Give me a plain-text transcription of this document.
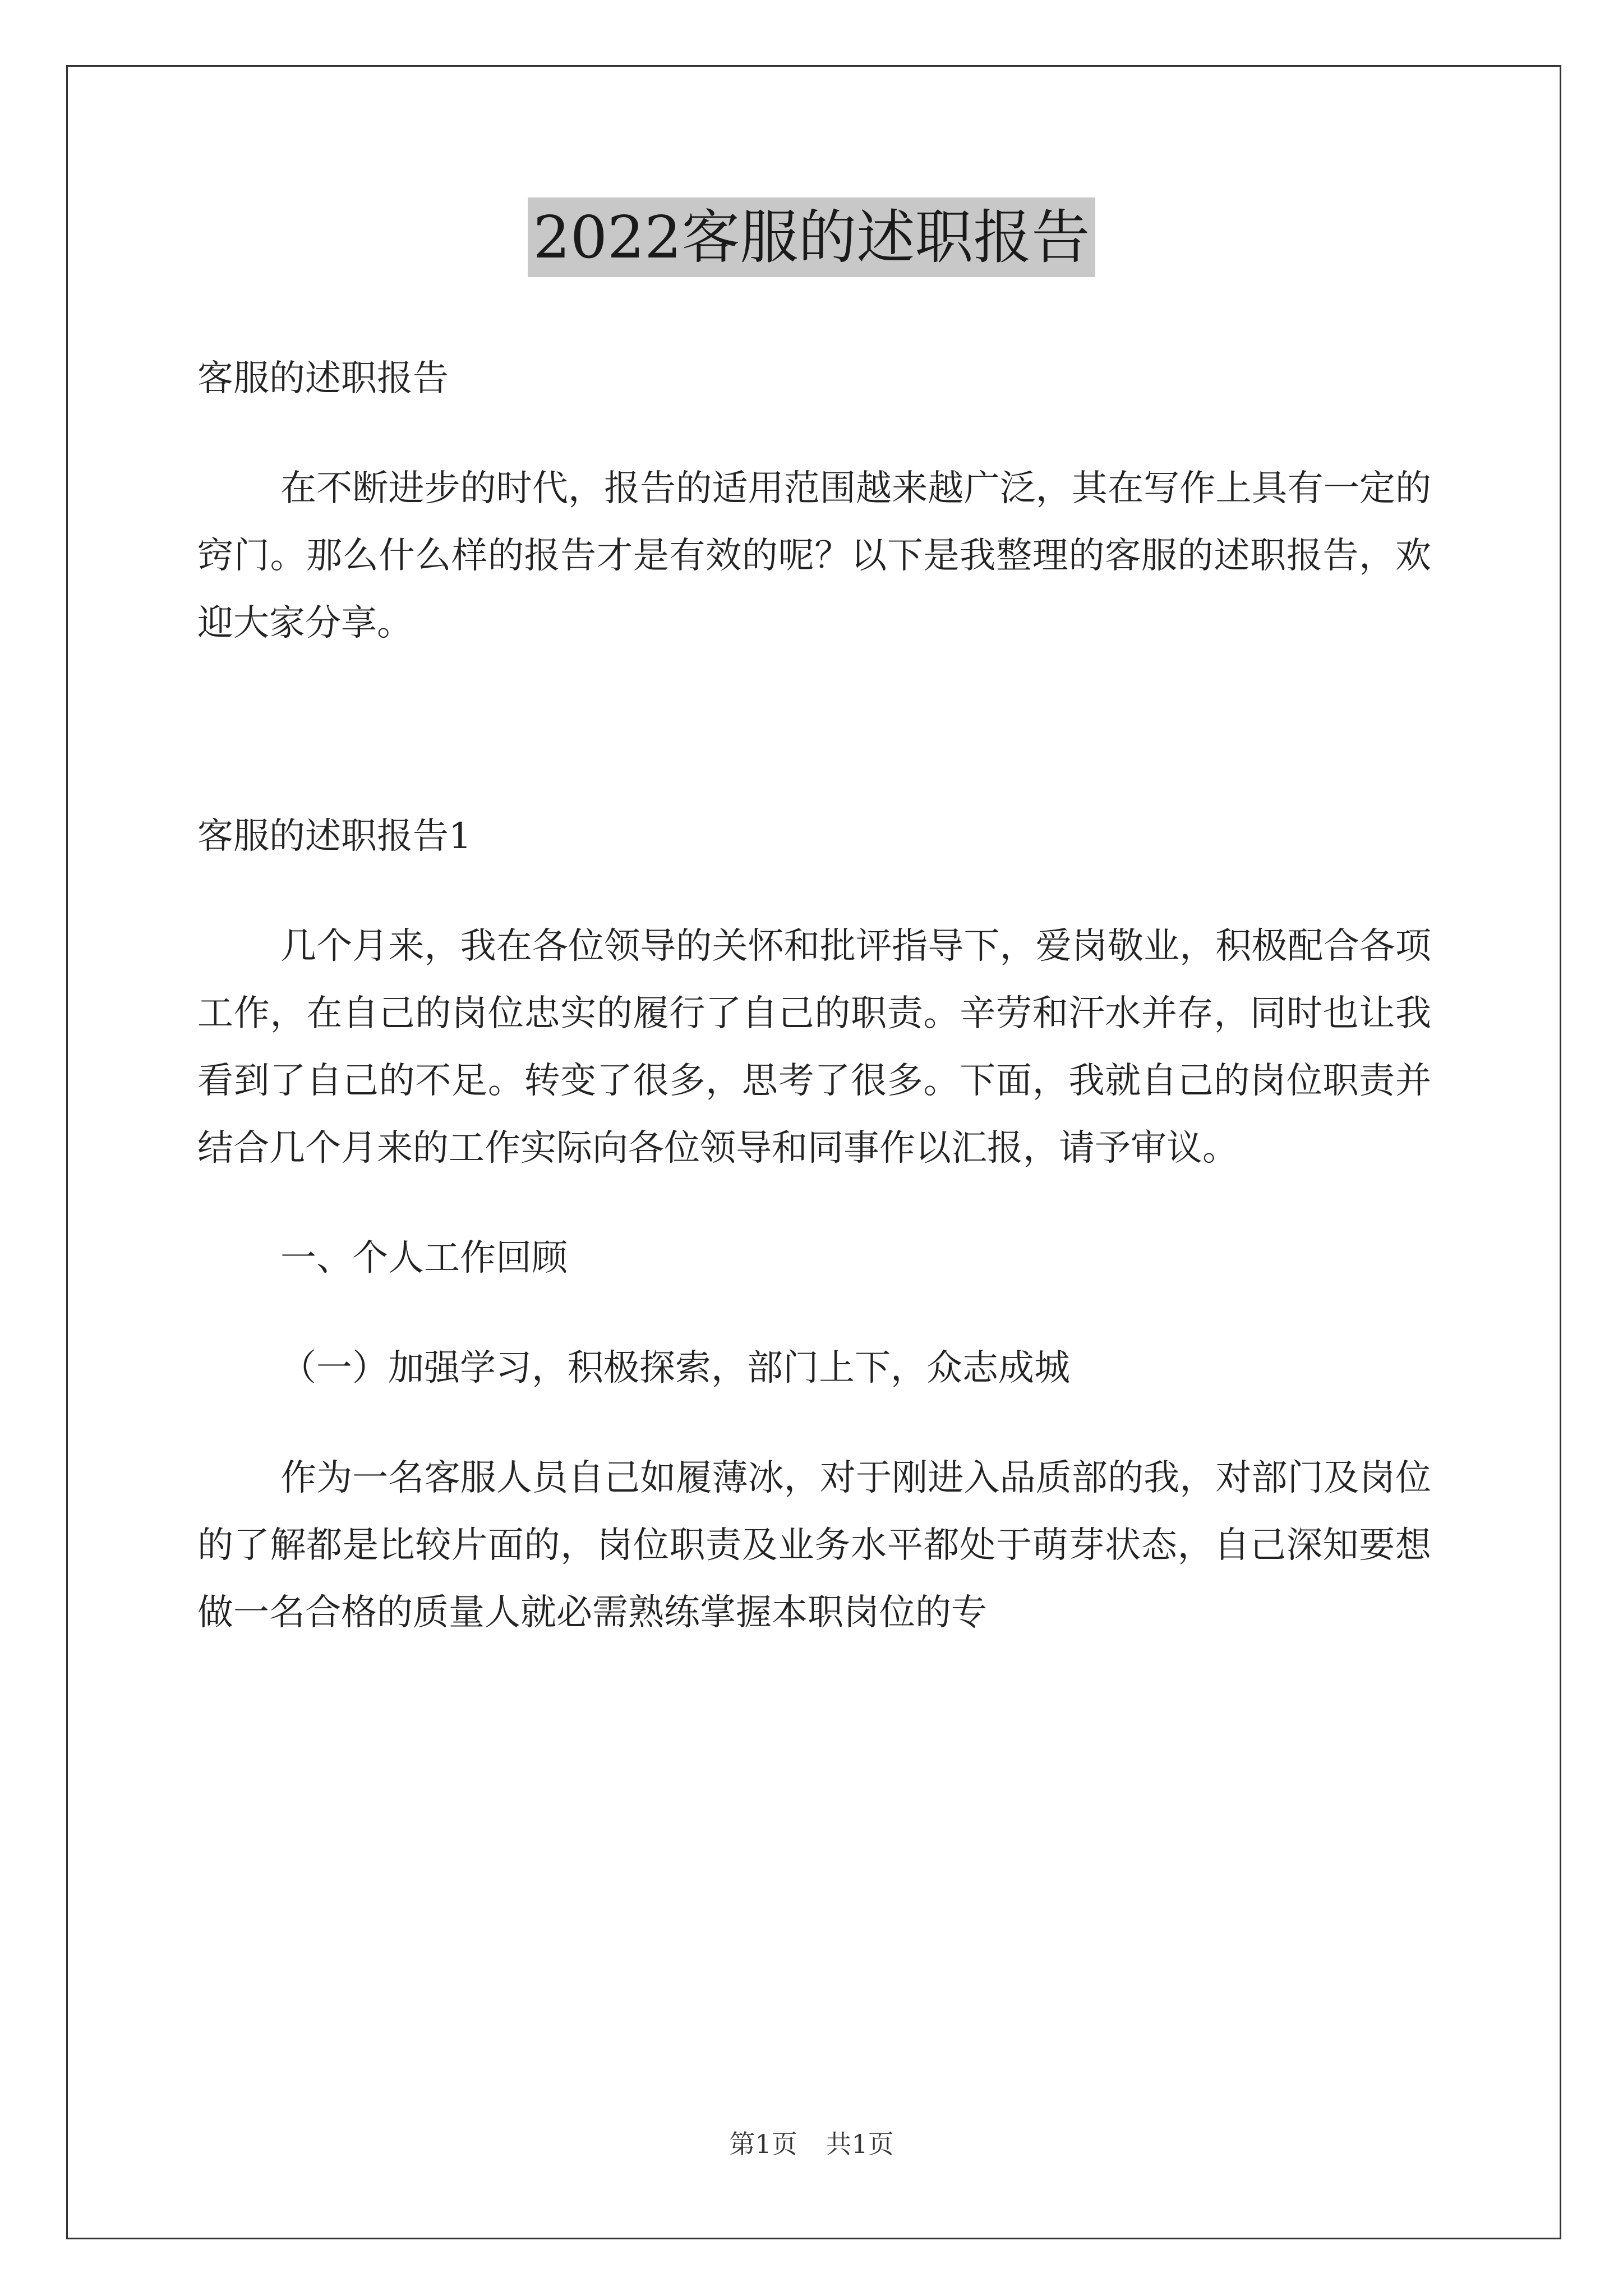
2022客服的述职报告

客服的述职报告

在不断进步的时代，报告的适用范围越来越广泛，其在写作上具有一定的窍门。那么什么样的报告才是有效的呢？以下是我整理的客服的述职报告，欢迎大家分享。

客服的述职报告1

几个月来，我在各位领导的关怀和批评指导下，爱岗敬业，积极配合各项工作，在自己的岗位忠实的履行了自己的职责。辛劳和汗水并存，同时也让我看到了自己的不足。转变了很多，思考了很多。下面，我就自己的岗位职责并结合几个月来的工作实际向各位领导和同事作以汇报，请予审议。

一、个人工作回顾

（一）加强学习，积极探索，部门上下，众志成城

作为一名客服人员自己如履薄冰，对于刚进入品质部的我，对部门及岗位的了解都是比较片面的，岗位职责及业务水平都处于萌芽状态，自己深知要想做一名合格的质量人就必需熟练掌握本职岗位的专

第1页 共1页
